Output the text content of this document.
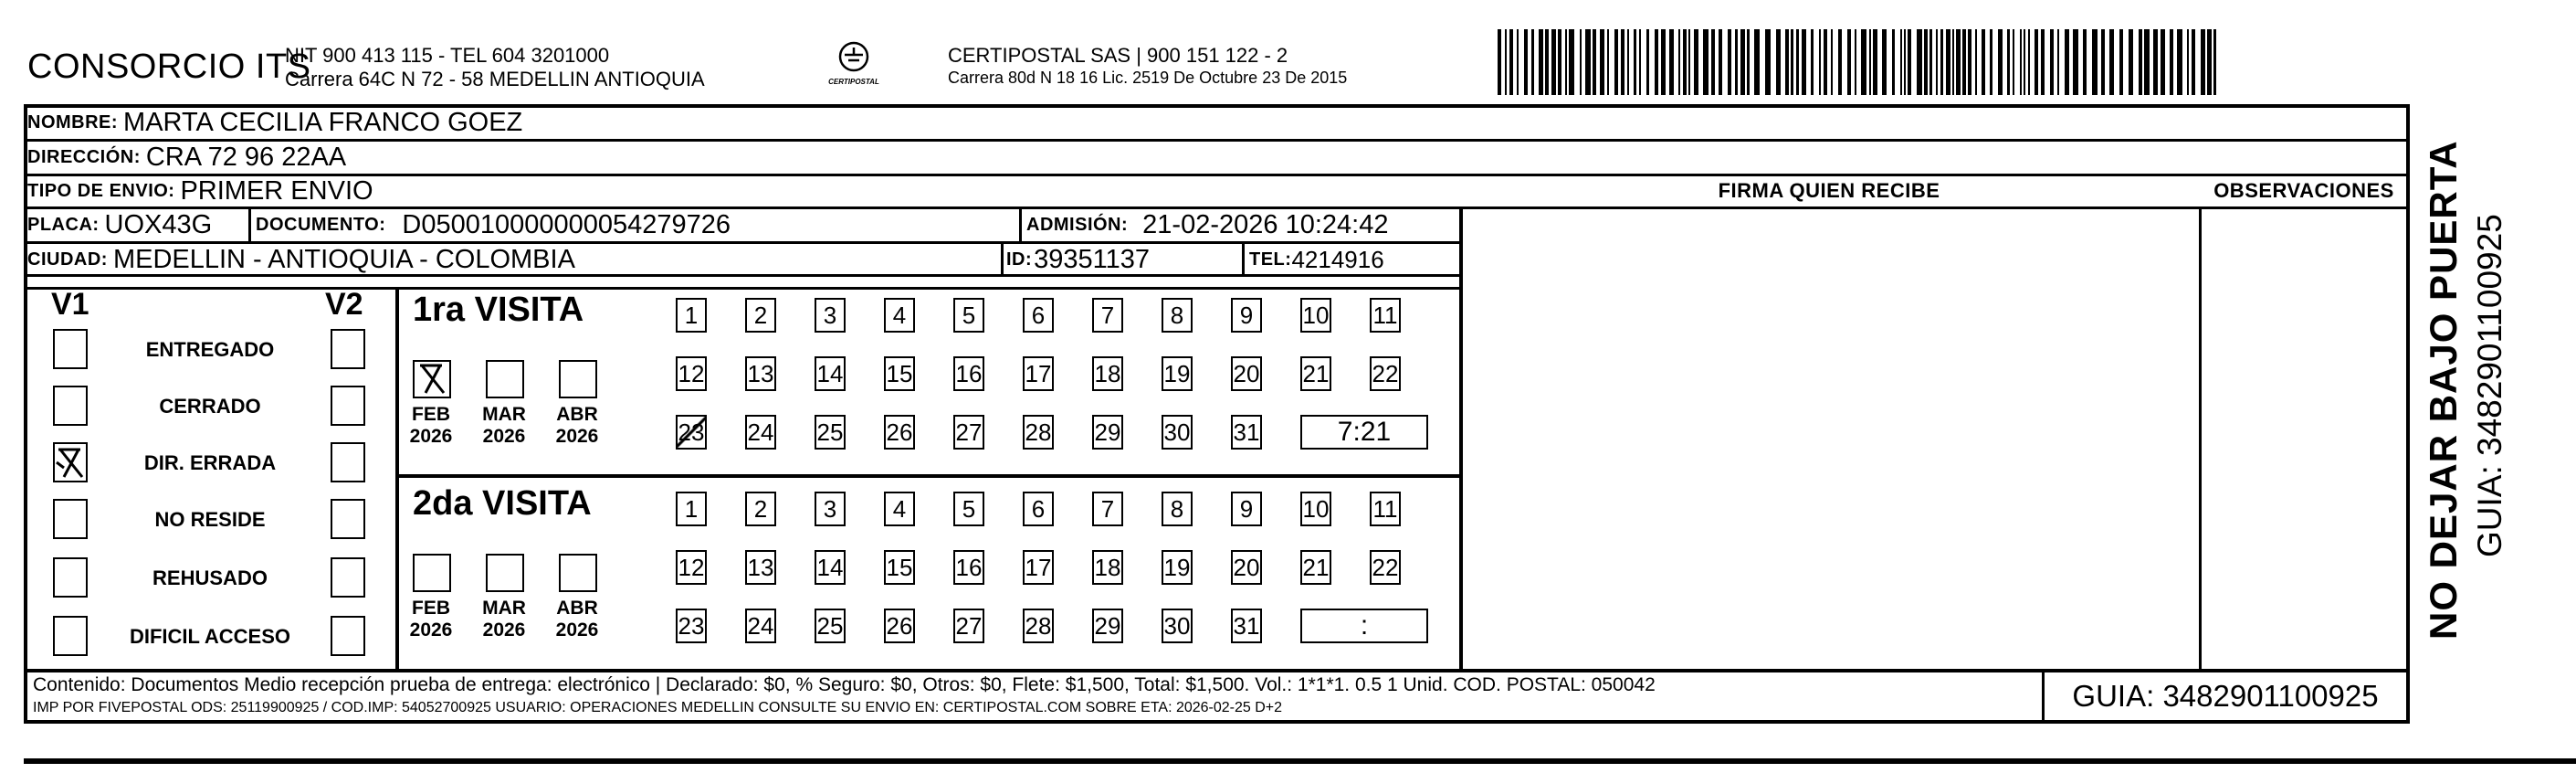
CONSORCIO ITS
NIT 900 413 115 - TEL 604 3201000
Carrera 64C N 72 - 58 MEDELLIN ANTIOQUIA	CERTIPOSTAL
CERTIPOSTAL SAS | 900 151 122 - 2
Carrera 80d N 18 16 Lic. 2519 De Octubre 23 De 2015
NOMBRE: MARTA CECILIA FRANCO GOEZ
DIRECCIÓN: CRA 72 96 22AA
TIPO DE ENVIO: PRIMER ENVIO	FIRMA QUIEN RECIBE	OBSERVACIONES
PLACA: UOX43G DOCUMENTO: D050010000000054279726	ADMISIÓN: 21-02-2026 10:24:42
CIUDAD: MEDELLIN - ANTIOQUIA - COLOMBIA	ID: 39351137	TEL: 4214916
V1	V2
ENTREGADO
CERRADO
DIR. ERRADA
NO RESIDE
REHUSADO
DIFICIL ACCESO
1ra VISITA
2da VISITA
FEB
2026
MAR
2026
ABR
2026
1	2	3	4	5	6	7	8	9	10 11
12 13 14 15 16 17 18 19 20 21 22
23 24 25 26 27 28 29 30 31	7:21
FEB
2026
MAR
2026
ABR
2026
1	2	3	4	5	6	7	8	9	10 11
12 13 14 15 16 17 18 19 20 21 22
23 24 25 26 27 28 29 30 31	:
Contenido: Documentos Medio recepción prueba de entrega: electrónico | Declarado: $0, % Seguro: $0, Otros: $0, Flete: $1,500, Total: $1,500. Vol.: 1*1*1. 0.5 1 Unid. COD. POSTAL: 050042
IMP POR FIVEPOSTAL ODS: 25119900925 / COD.IMP: 54052700925 USUARIO: OPERACIONES MEDELLIN CONSULTE SU ENVIO EN: CERTIPOSTAL.COM SOBRE ETA: 2026-02-25 D+2	GUIA: 3482901100925
NO DEJAR BAJO PUERTA GUIA: 3482901100925
